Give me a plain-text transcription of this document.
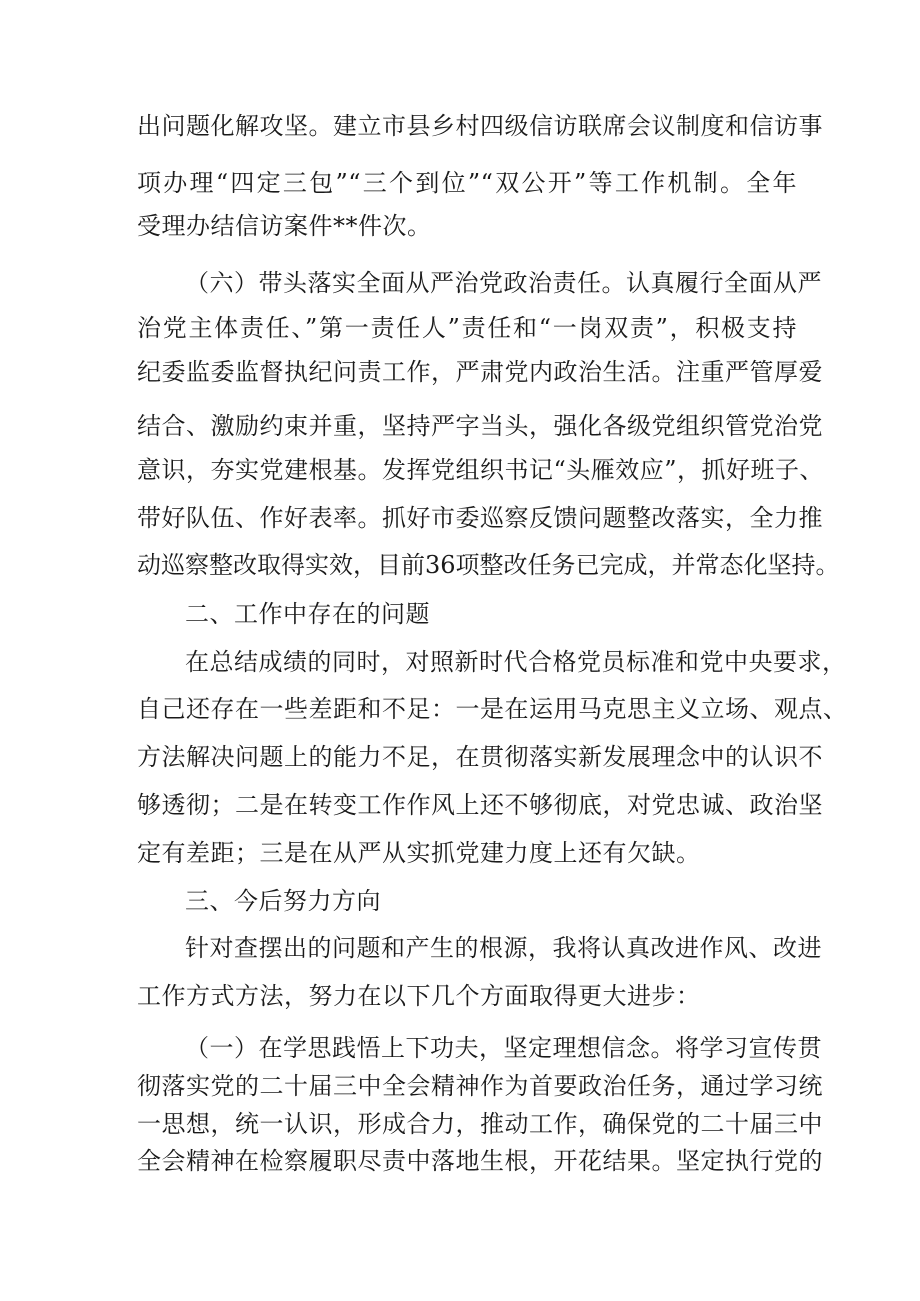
出问题化解攻坚。建立市县乡村四级信访联席会议制度和信访事
项办理“四定三包”“三个到位”“双公开”等工作机制。全年
受理办结信访案件**件次。
（六）带头落实全面从严治党政治责任。认真履行全面从严
治党主体责任、”第一责任人”责任和“一岗双责”，积极支持
纪委监委监督执纪问责工作，严肃党内政治生活。注重严管厚爱
结合、激励约束并重，坚持严字当头，强化各级党组织管党治党
意识，夯实党建根基。发挥党组织书记“头雁效应”，抓好班子、
带好队伍、作好表率。抓好市委巡察反馈问题整改落实，全力推
动巡察整改取得实效，目前36项整改任务已完成，并常态化坚持。
二、工作中存在的问题
在总结成绩的同时，对照新时代合格党员标准和党中央要求，
自己还存在一些差距和不足：一是在运用马克思主义立场、观点、
方法解决问题上的能力不足，在贯彻落实新发展理念中的认识不
够透彻；二是在转变工作作风上还不够彻底，对党忠诚、政治坚
定有差距；三是在从严从实抓党建力度上还有欠缺。
三、今后努力方向
针对查摆出的问题和产生的根源，我将认真改进作风、改进
工作方式方法，努力在以下几个方面取得更大进步：
（一）在学思践悟上下功夫，坚定理想信念。将学习宣传贯
彻落实党的二十届三中全会精神作为首要政治任务，通过学习统
一思想，统一认识，形成合力，推动工作，确保党的二十届三中
全会精神在检察履职尽责中落地生根，开花结果。坚定执行党的
